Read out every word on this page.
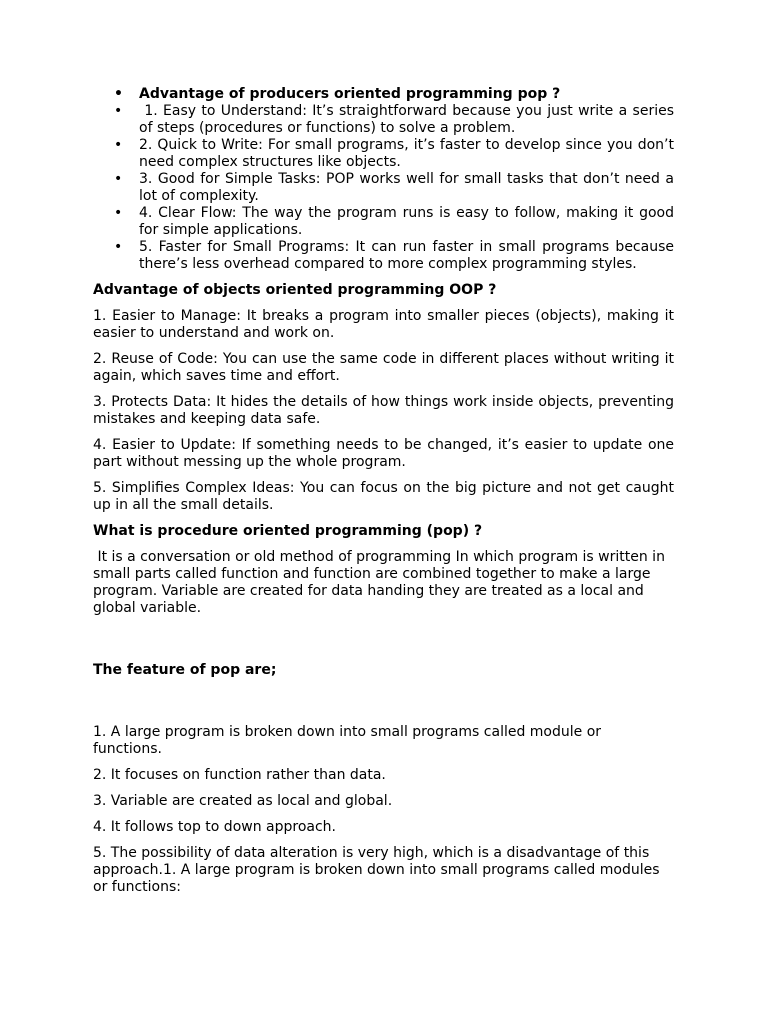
• Advantage of producers oriented programming pop ?
•  1. Easy to Understand: It’s straightforward because you just write a series of steps (procedures or functions) to solve a problem.
• 2. Quick to Write: For small programs, it’s faster to develop since you don’t need complex structures like objects.
• 3. Good for Simple Tasks: POP works well for small tasks that don’t need a lot of complexity.
• 4. Clear Flow: The way the program runs is easy to follow, making it good for simple applications.
• 5. Faster for Small Programs: It can run faster in small programs because there’s less overhead compared to more complex programming styles.
Advantage of objects oriented programming OOP ?

1. Easier to Manage: It breaks a program into smaller pieces (objects), making it easier to understand and work on.

2. Reuse of Code: You can use the same code in different places without writing it again, which saves time and effort.

3. Protects Data: It hides the details of how things work inside objects, preventing mistakes and keeping data safe.

4. Easier to Update: If something needs to be changed, it’s easier to update one part without messing up the whole program.

5. Simplifies Complex Ideas: You can focus on the big picture and not get caught up in all the small details.

What is procedure oriented programming (pop) ?

It is a conversation or old method of programming In which program is written in small parts called function and function are combined together to make a large program. Variable are created for data handing they are treated as a local and global variable.

The feature of pop are;

1. A large program is broken down into small programs called module or functions.

2. It focuses on function rather than data.

3. Variable are created as local and global.

4. It follows top to down approach.

5. The possibility of data alteration is very high, which is a disadvantage of this approach.1. A large program is broken down into small programs called modules or functions:
